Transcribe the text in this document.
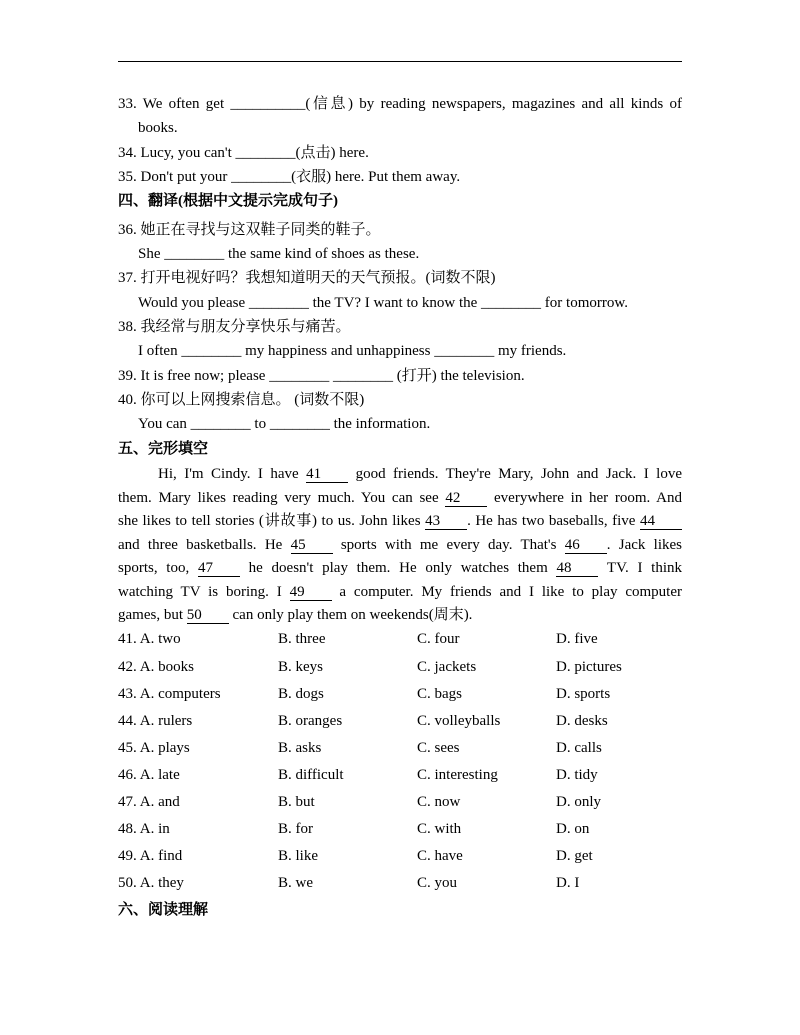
33. We often get __________(信息) by reading newspapers, magazines and all kinds of
books.
34. Lucy, you can't ________(点击) here.
35. Don't put your ________(衣服) here. Put them away.
四、翻译(根据中文提示完成句子)
36. 她正在寻找与这双鞋子同类的鞋子。
She ________ the same kind of shoes as these.
37. 打开电视好吗？我想知道明天的天气预报。(词数不限)
Would you please ________ the TV? I want to know the ________ for tomorrow.
38. 我经常与朋友分享快乐与痛苦。
I often ________ my happiness and unhappiness ________ my friends.
39. It is free now; please ________ ________ (打开) the television.
40. 你可以上网搜索信息。 (词数不限)
You can ________ to ________ the information.
五、完形填空
Hi, I'm Cindy. I have 41 good friends. They're Mary, John and Jack. I love
them. Mary likes reading very much. You can see 42 everywhere in her room. And
she likes to tell stories (讲故事) to us. John likes 43 . He has two baseballs, five 44
and three basketballs. He 45 sports with me every day. That's 46 . Jack likes
sports, too, 47 he doesn't play them. He only watches them 48 TV. I think
watching TV is boring. I 49 a computer. My friends and I like to play computer
games, but 50 can only play them on weekends(周末).
41. A. two	B. three	C. four	D. five
42. A. books	B. keys	C. jackets	D. pictures
43. A. computers	B. dogs	C. bags	D. sports
44. A. rulers	B. oranges	C. volleyballs	D. desks
45. A. plays	B. asks	C. sees	D. calls
46. A. late	B. difficult	C. interesting	D. tidy
47. A. and	B. but	C. now	D. only
48. A. in	B. for	C. with	D. on
49. A. find	B. like	C. have	D. get
50. A. they	B. we	C. you	D. I
六、阅读理解
